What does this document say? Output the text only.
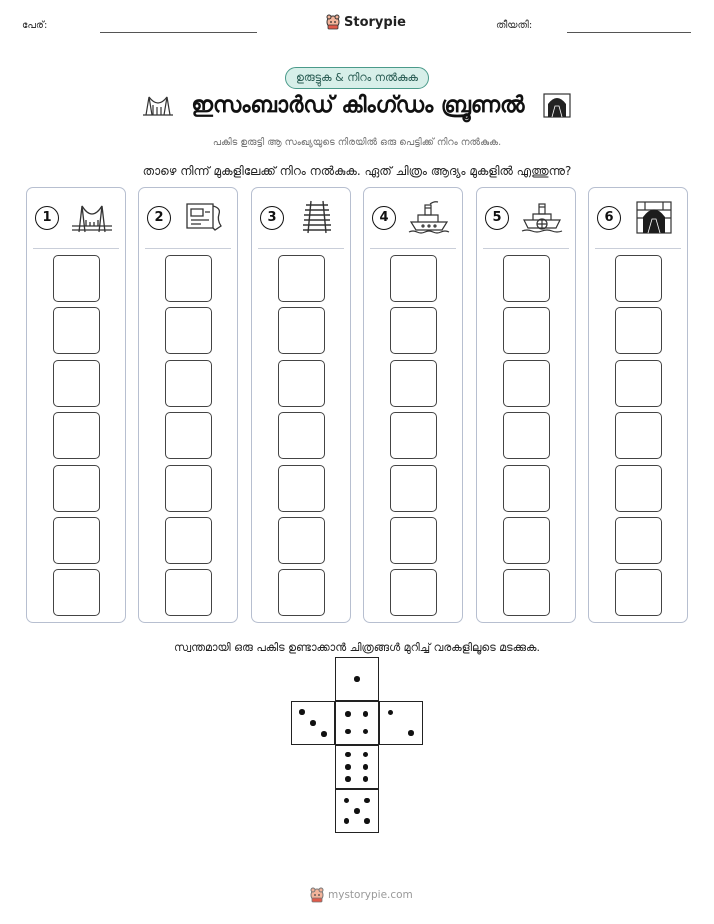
പേര്:	Storypie	തീയതി:
ഉരുട്ടുക & നിറം നൽകുക
ഇസംബാർഡ് കിംഗ്ഡം ബ്രൂണൽ
പകിട ഉരുട്ടി ആ സംഖ്യയുടെ നിരയിൽ ഒരു പെട്ടിക്ക് നിറം നൽകുക.
താഴെ നിന്ന് മുകളിലേക്ക് നിറം നൽകുക. ഏത് ചിത്രം ആദ്യം മുകളിൽ എത്തുന്നു?
1	2	3	4	5	6
സ്വന്തമായി ഒരു പകിട ഉണ്ടാക്കാൻ ചിത്രങ്ങൾ മുറിച്ച് വരകളിലൂടെ മടക്കുക.
mystorypie.com
